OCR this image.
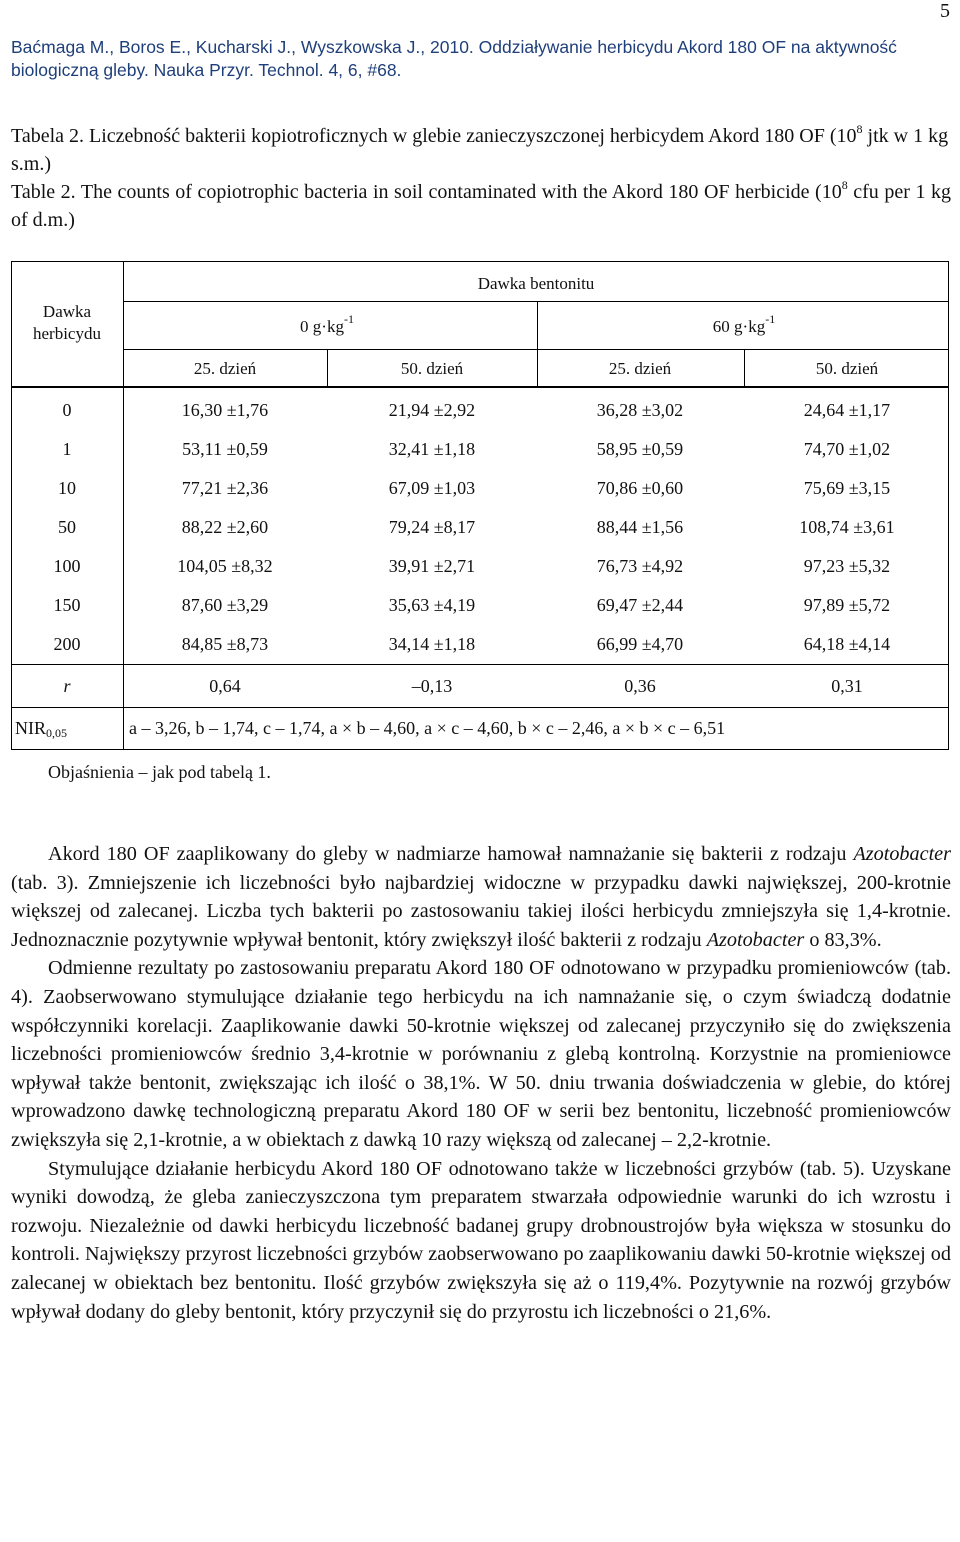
5
Baćmaga M., Boros E., Kucharski J., Wyszkowska J., 2010. Oddziaływanie herbicydu Akord 180 OF na aktywność biologiczną gleby. Nauka Przyr. Technol. 4, 6, #68.
Tabela 2. Liczebność bakterii kopiotroficznych w glebie zanieczyszczonej herbicydem Akord 180 OF ($10^8$ jtk w 1 kg s.m.)
Table 2. The counts of copiotrophic bacteria in soil contaminated with the Akord 180 OF herbicide ($10^8$ cfu per 1 kg of d.m.)
Dawka
herbicydu
Dawka bentonitu
0 $g\cdot kg^{-1}$	60 $g\cdot kg^{-1}$
25. dzień	50. dzień	25. dzień	50. dzień
0	16,30 ±1,76	21,94 ±2,92	36,28 ±3,02	24,64 ±1,17
1	53,11 ±0,59	32,41 ±1,18	58,95 ±0,59	74,70 ±1,02
10	77,21 ±2,36	67,09 ±1,03	70,86 ±0,60	75,69 ±3,15
50	88,22 ±2,60	79,24 ±8,17	88,44 ±1,56	108,74 ±3,61
100	104,05 ±8,32	39,91 ±2,71	76,73 ±4,92	97,23 ±5,32
150	87,60 ±3,29	35,63 ±4,19	69,47 ±2,44	97,89 ±5,72
200	84,85 ±8,73	34,14 ±1,18	66,99 ±4,70	64,18 ±4,14
r	0,64	–0,13	0,36	0,31
NIR0,05	a – 3,26, b – 1,74, c – 1,74, a × b – 4,60, a × c – 4,60, b × c – 2,46, a × b × c – 6,51
Objaśnienia – jak pod tabelą 1.

Akord 180 OF zaaplikowany do gleby w nadmiarze hamował namnażanie się bakterii z rodzaju Azotobacter (tab. 3). Zmniejszenie ich liczebności było najbardziej widoczne w przypadku dawki największej, 200-krotnie większej od zalecanej. Liczba tych bakterii po zastosowaniu takiej ilości herbicydu zmniejszyła się 1,4-krotnie. Jednoznacznie pozytywnie wpływał bentonit, który zwiększył ilość bakterii z rodzaju Azotobacter o 83,3%.

Odmienne rezultaty po zastosowaniu preparatu Akord 180 OF odnotowano w przypadku promieniowców (tab. 4). Zaobserwowano stymulujące działanie tego herbicydu na ich namnażanie się, o czym świadczą dodatnie współczynniki korelacji. Zaaplikowanie dawki 50-krotnie większej od zalecanej przyczyniło się do zwiększenia liczebności promieniowców średnio 3,4-krotnie w porównaniu z glebą kontrolną. Korzystnie na promieniowce wpływał także bentonit, zwiększając ich ilość o 38,1%. W 50. dniu trwania doświadczenia w glebie, do której wprowadzono dawkę technologiczną preparatu Akord 180 OF w serii bez bentonitu, liczebność promieniowców zwiększyła się 2,1-krotnie, a w obiektach z dawką 10 razy większą od zalecanej – 2,2-krotnie.

Stymulujące działanie herbicydu Akord 180 OF odnotowano także w liczebności grzybów (tab. 5). Uzyskane wyniki dowodzą, że gleba zanieczyszczona tym preparatem stwarzała odpowiednie warunki do ich wzrostu i rozwoju. Niezależnie od dawki herbicydu liczebność badanej grupy drobnoustrojów była większa w stosunku do kontroli. Największy przyrost liczebności grzybów zaobserwowano po zaaplikowaniu dawki 50-krotnie większej od zalecanej w obiektach bez bentonitu. Ilość grzybów zwiększyła się aż o 119,4%. Pozytywnie na rozwój grzybów wpływał dodany do gleby bentonit, który przyczynił się do przyrostu ich liczebności o 21,6%.
